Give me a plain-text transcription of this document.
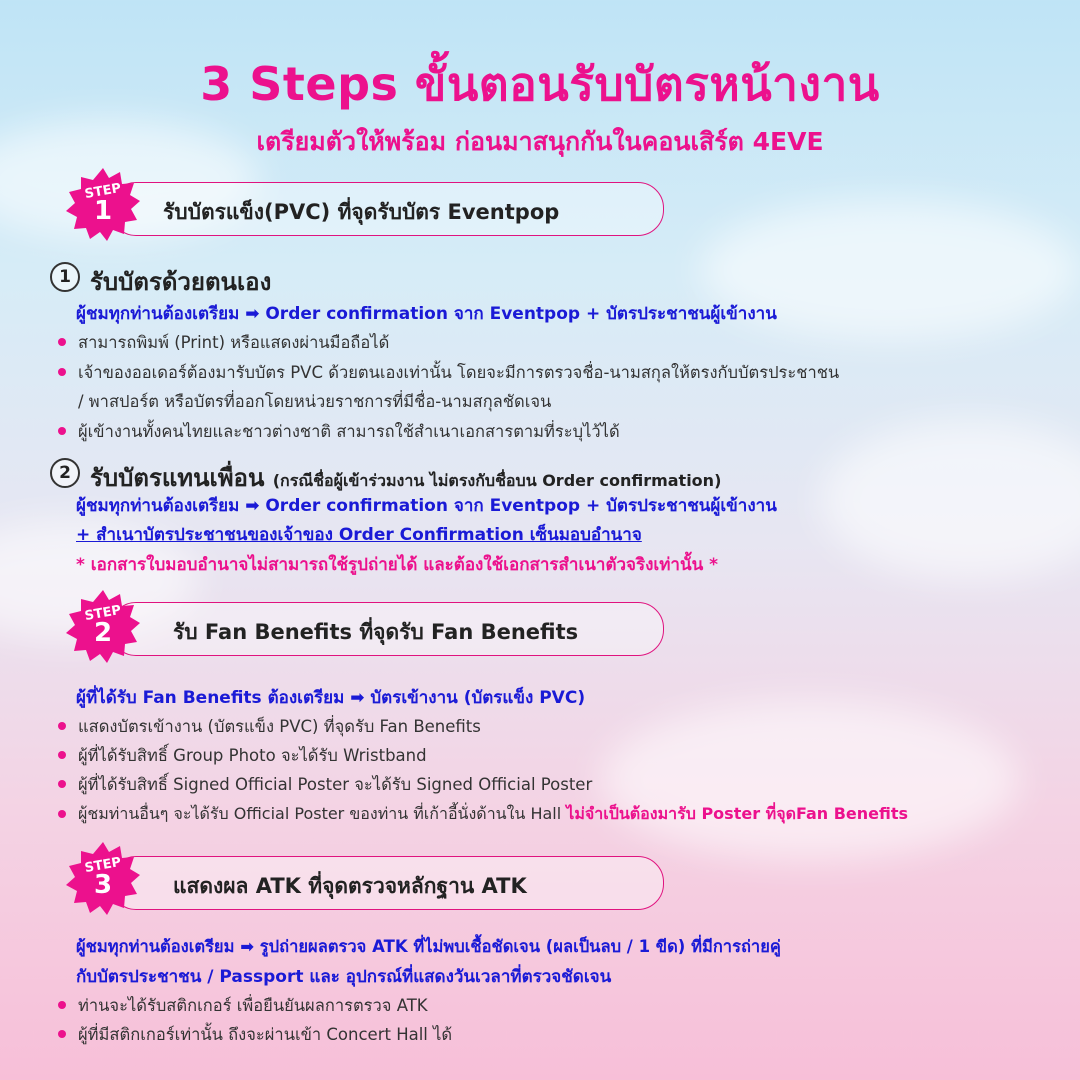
3 Steps ขั้นตอนรับบัตรหน้างาน
เตรียมตัวให้พร้อม ก่อนมาสนุกกันในคอนเสิร์ต 4EVE
รับบัตรแข็ง(PVC) ที่จุดรับบัตร Eventpop
STEP
1
1 รับบัตรด้วยตนเอง
ผู้ชมทุกท่านต้องเตรียม ➡ Order confirmation จาก Eventpop + บัตรประชาชนผู้เข้างาน
สามารถพิมพ์ (Print) หรือแสดงผ่านมือถือได้
เจ้าของออเดอร์ต้องมารับบัตร PVC ด้วยตนเองเท่านั้น โดยจะมีการตรวจชื่อ-นามสกุลให้ตรงกับบัตรประชาชน
/ พาสปอร์ต หรือบัตรที่ออกโดยหน่วยราชการที่มีชื่อ-นามสกุลชัดเจน
ผู้เข้างานทั้งคนไทยและชาวต่างชาติ สามารถใช้สำเนาเอกสารตามที่ระบุไว้ได้
2 รับบัตรแทนเพื่อน (กรณีชื่อผู้เข้าร่วมงาน ไม่ตรงกับชื่อบน Order confirmation)
ผู้ชมทุกท่านต้องเตรียม ➡ Order confirmation จาก Eventpop + บัตรประชาชนผู้เข้างาน
+ สำเนาบัตรประชาชนของเจ้าของ Order Confirmation เซ็นมอบอำนาจ
* เอกสารใบมอบอำนาจไม่สามารถใช้รูปถ่ายได้ และต้องใช้เอกสารสำเนาตัวจริงเท่านั้น *
รับ Fan Benefits ที่จุดรับ Fan Benefits
STEP
2
ผู้ที่ได้รับ Fan Benefits ต้องเตรียม ➡ บัตรเข้างาน (บัตรแข็ง PVC)
แสดงบัตรเข้างาน (บัตรแข็ง PVC) ที่จุดรับ Fan Benefits
ผู้ที่ได้รับสิทธิ์ Group Photo จะได้รับ Wristband
ผู้ที่ได้รับสิทธิ์ Signed Official Poster จะได้รับ Signed Official Poster
ผู้ชมท่านอื่นๆ จะได้รับ Official Poster ของท่าน ที่เก้าอี้นั่งด้านใน Hall ไม่จำเป็นต้องมารับ Poster ที่จุดFan Benefits
แสดงผล ATK ที่จุดตรวจหลักฐาน ATK
STEP
3
ผู้ชมทุกท่านต้องเตรียม ➡ รูปถ่ายผลตรวจ ATK ที่ไม่พบเชื้อชัดเจน (ผลเป็นลบ / 1 ขีด) ที่มีการถ่ายคู่
กับบัตรประชาชน / Passport และ อุปกรณ์ที่แสดงวันเวลาที่ตรวจชัดเจน
ท่านจะได้รับสติกเกอร์ เพื่อยืนยันผลการตรวจ ATK
ผู้ที่มีสติกเกอร์เท่านั้น ถึงจะผ่านเข้า Concert Hall ได้
